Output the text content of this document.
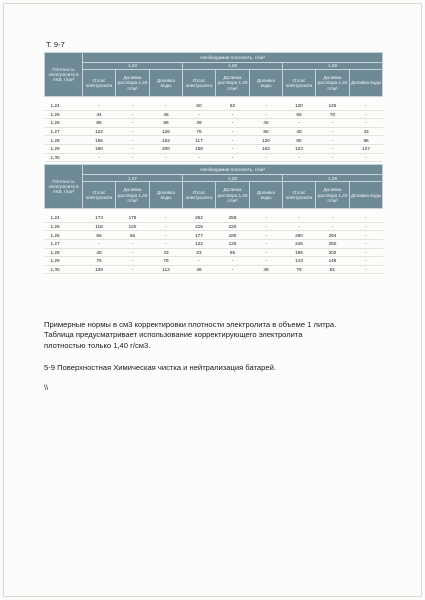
Т. 9-7
Плотность электролита в АКБ, г/см³	Необходимая плотность, г/см³								
	1,24			1,26			1,26		
	Отсос электролита	Доливка раствора 1,40 г/см³	Доливка воды	Отсос электролита	Доливка раствора 1,40 г/см³	Доливка воды	Отсос электролита	Доливка раствора 1,40 г/см³	Доливка воды

1,24	-	-	-	60	62	-	120	125	-
1,25	44	-	45	-	-	-	65	70	-
1,26	85	-	88	39	-	40	-	-	-
1,27	122	-	126	76	-	80	40	-	43
1,28	156	-	162	117	-	120	80	-	86
1,29	190	-	200	158	-	162	123	-	127
1,30	-	-	-	-	-	-	-	-	-

Плотность электролита в АКБ, г/см³	Необходимая плотность, г/см³								
	1,27			1,28			1,29		
	Отсос электролита	Доливка раствора 1,40 г/см³	Доливка воды	Отсос электролита	Доливка раствора 1,40 г/см³	Доливка воды	Отсос электролита	Доливка раствора 1,40 г/см³	Доливка воды

1,24	173	175	-	252	258	-	-	-	-
1,25	118	120	-	215	220	-	-	-	-
1,26	65	66	-	177	180	-	290	294	-
1,27	-	-	-	122	126	-	246	250	-
1,28	40	-	43	63	65	-	196	202	-
1,29	75	-	78	-	-	-	143	148	-
1,30	109	-	113	36	-	38	79	81	-
Примерные нормы в см3 корректировки плотности электролита в объеме 1 литра.
Таблица предусматривает использование корректирующего электролита
плотностью только 1,40 г/см3.
5-9 Поверхностная Химическая чистка и нейтрализация батарей.
\\
